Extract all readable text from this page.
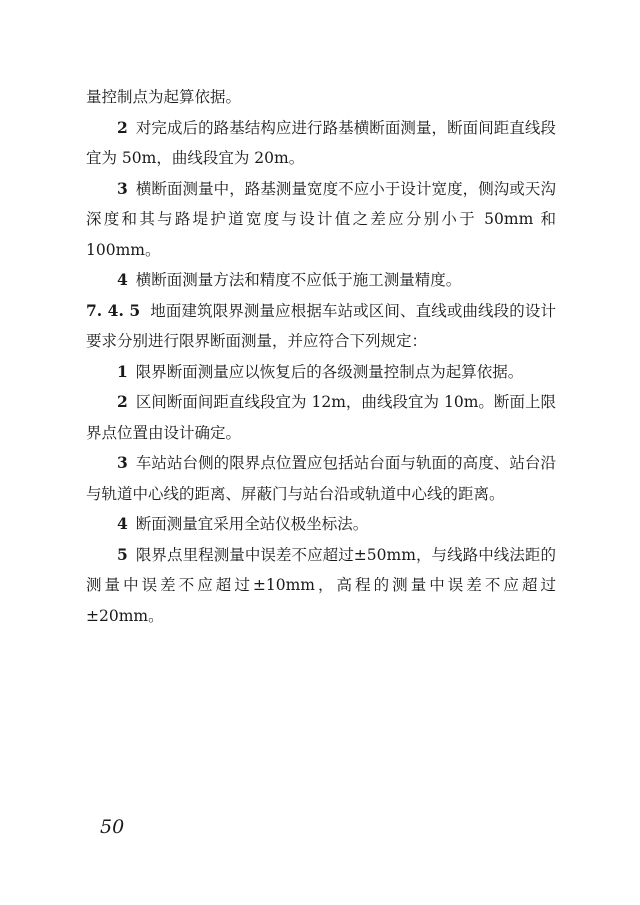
量控制点为起算依据。

2 对完成后的路基结构应进行路基横断面测量，断面间距直线段宜为 50m，曲线段宜为 20m。

3 横断面测量中，路基测量宽度不应小于设计宽度，侧沟或天沟深度和其与路堤护道宽度与设计值之差应分别小于 50mm 和 100mm。

4 横断面测量方法和精度不应低于施工测量精度。

7. 4. 5 地面建筑限界测量应根据车站或区间、直线或曲线段的设计要求分别进行限界断面测量，并应符合下列规定：

1 限界断面测量应以恢复后的各级测量控制点为起算依据。

2 区间断面间距直线段宜为 12m，曲线段宜为 10m。断面上限界点位置由设计确定。

3 车站站台侧的限界点位置应包括站台面与轨面的高度、站台沿与轨道中心线的距离、屏蔽门与站台沿或轨道中心线的距离。

4 断面测量宜采用全站仪极坐标法。

5 限界点里程测量中误差不应超过±50mm，与线路中线法距的测量中误差不应超过±10mm，高程的测量中误差不应超过±20mm。

50
